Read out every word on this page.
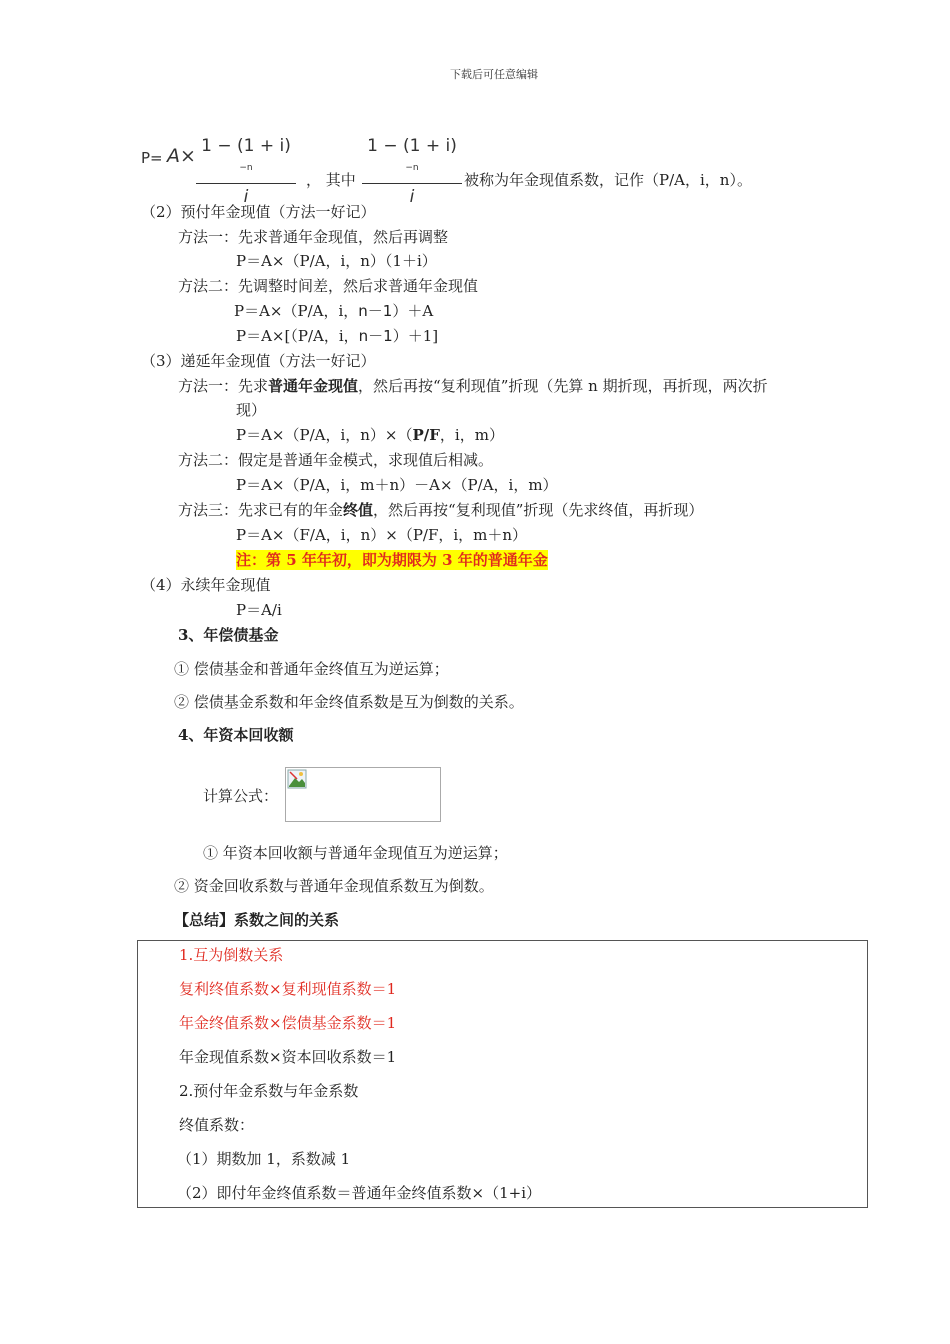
下载后可任意编辑
$P= A\times 1 - (1 + i)^{-n}$
i
， 其中
$1 - (1 + i)^{-n}$
i
被称为年金现值系数，记作（P/A，i，n）。
（2）预付年金现值（方法一好记）
方法一：先求普通年金现值，然后再调整
P＝A×（P/A，i，n）（1＋i）
方法二：先调整时间差，然后求普通年金现值
P＝A×（P/A，i，n－1）＋A
P＝A×[（P/A，i，n－1）＋1]
（3）递延年金现值（方法一好记）
方法一：先求普通年金现值，然后再按“复利现值”折现（先算 n 期折现，再折现，两次折
现）
P＝A×（P/A，i，n）×（P/F，i，m）
方法二：假定是普通年金模式，求现值后相减。
P＝A×（P/A，i，m＋n）－A×（P/A，i，m）
方法三：先求已有的年金终值，然后再按“复利现值”折现（先求终值，再折现）
P＝A×（F/A，i，n）×（P/F，i，m＋n）
注：第 5 年年初，即为期限为 3 年的普通年金
（4）永续年金现值
P＝A/i
3、年偿债基金
① 偿债基金和普通年金终值互为逆运算；
② 偿债基金系数和年金终值系数是互为倒数的关系。
4、年资本回收额
计算公式：
① 年资本回收额与普通年金现值互为逆运算；
② 资金回收系数与普通年金现值系数互为倒数。
【总结】系数之间的关系
1.互为倒数关系
复利终值系数×复利现值系数＝1
年金终值系数×偿债基金系数＝1
年金现值系数×资本回收系数＝1
2.预付年金系数与年金系数
终值系数：
（1）期数加 1，系数减 1
（2）即付年金终值系数＝普通年金终值系数×（1+i）
